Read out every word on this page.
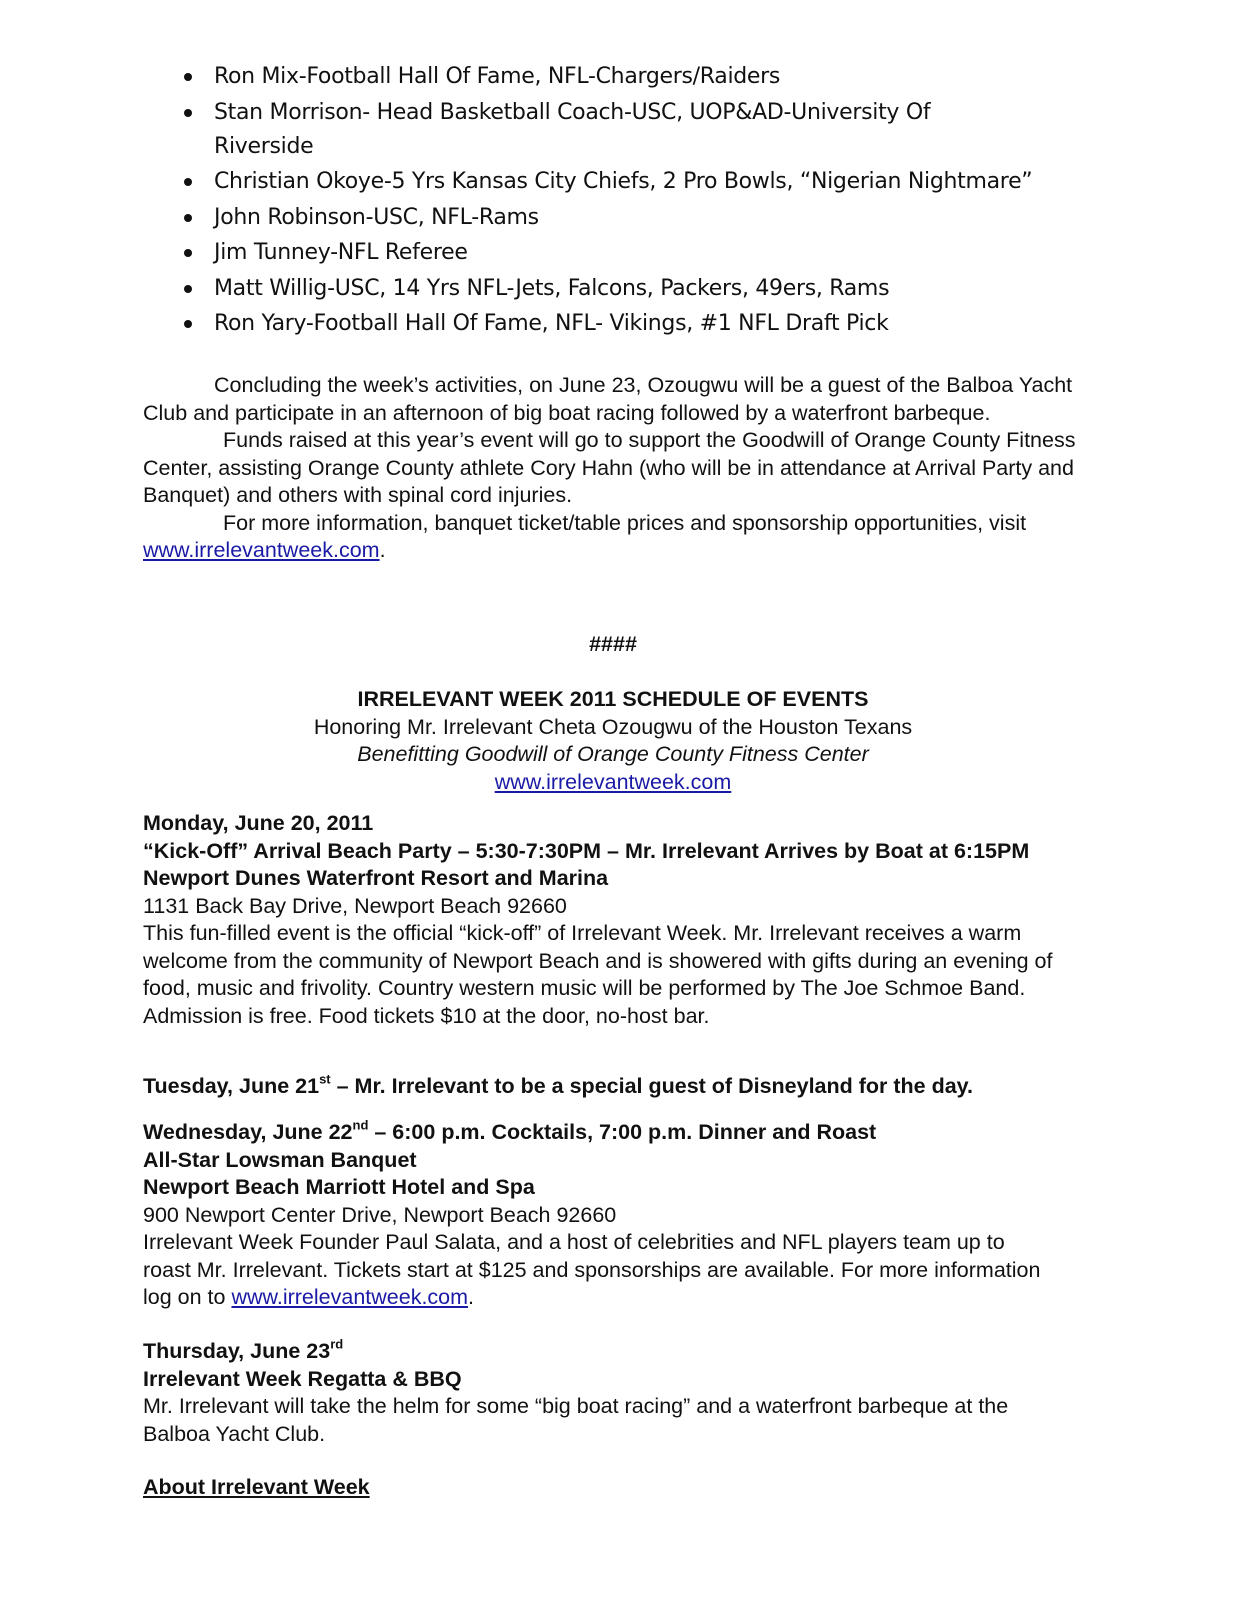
Ron Mix-Football Hall Of Fame, NFL-Chargers/Raiders
Stan Morrison- Head Basketball Coach-USC, UOP&AD-University Of Riverside
Christian Okoye-5 Yrs Kansas City Chiefs, 2 Pro Bowls, “Nigerian Nightmare”
John Robinson-USC, NFL-Rams
Jim Tunney-NFL Referee
Matt Willig-USC, 14 Yrs NFL-Jets, Falcons, Packers, 49ers, Rams
Ron Yary-Football Hall Of Fame, NFL- Vikings, #1 NFL Draft Pick

Concluding the week’s activities, on June 23, Ozougwu will be a guest of the Balboa Yacht Club and participate in an afternoon of big boat racing followed by a waterfront barbeque.

Funds raised at this year’s event will go to support the Goodwill of Orange County Fitness Center, assisting Orange County athlete Cory Hahn (who will be in attendance at Arrival Party and Banquet) and others with spinal cord injuries.

For more information, banquet ticket/table prices and sponsorship opportunities, visit www.irrelevantweek.com.

####

IRRELEVANT WEEK 2011 SCHEDULE OF EVENTS

Honoring Mr. Irrelevant Cheta Ozougwu of the Houston Texans

Benefitting Goodwill of Orange County Fitness Center

www.irrelevantweek.com

Monday, June 20, 2011

“Kick-Off” Arrival Beach Party – 5:30-7:30PM – Mr. Irrelevant Arrives by Boat at 6:15PM

Newport Dunes Waterfront Resort and Marina

1131 Back Bay Drive, Newport Beach 92660

This fun-filled event is the official “kick-off” of Irrelevant Week. Mr. Irrelevant receives a warm welcome from the community of Newport Beach and is showered with gifts during an evening of food, music and frivolity. Country western music will be performed by The Joe Schmoe Band. Admission is free. Food tickets $10 at the door, no-host bar.

Tuesday, June 21st – Mr. Irrelevant to be a special guest of Disneyland for the day.

Wednesday, June 22nd – 6:00 p.m. Cocktails, 7:00 p.m. Dinner and Roast

All-Star Lowsman Banquet

Newport Beach Marriott Hotel and Spa

900 Newport Center Drive, Newport Beach 92660

Irrelevant Week Founder Paul Salata, and a host of celebrities and NFL players team up to roast Mr. Irrelevant. Tickets start at $125 and sponsorships are available. For more information log on to www.irrelevantweek.com.

Thursday, June 23rd

Irrelevant Week Regatta & BBQ

Mr. Irrelevant will take the helm for some “big boat racing” and a waterfront barbeque at the Balboa Yacht Club.

About Irrelevant Week
